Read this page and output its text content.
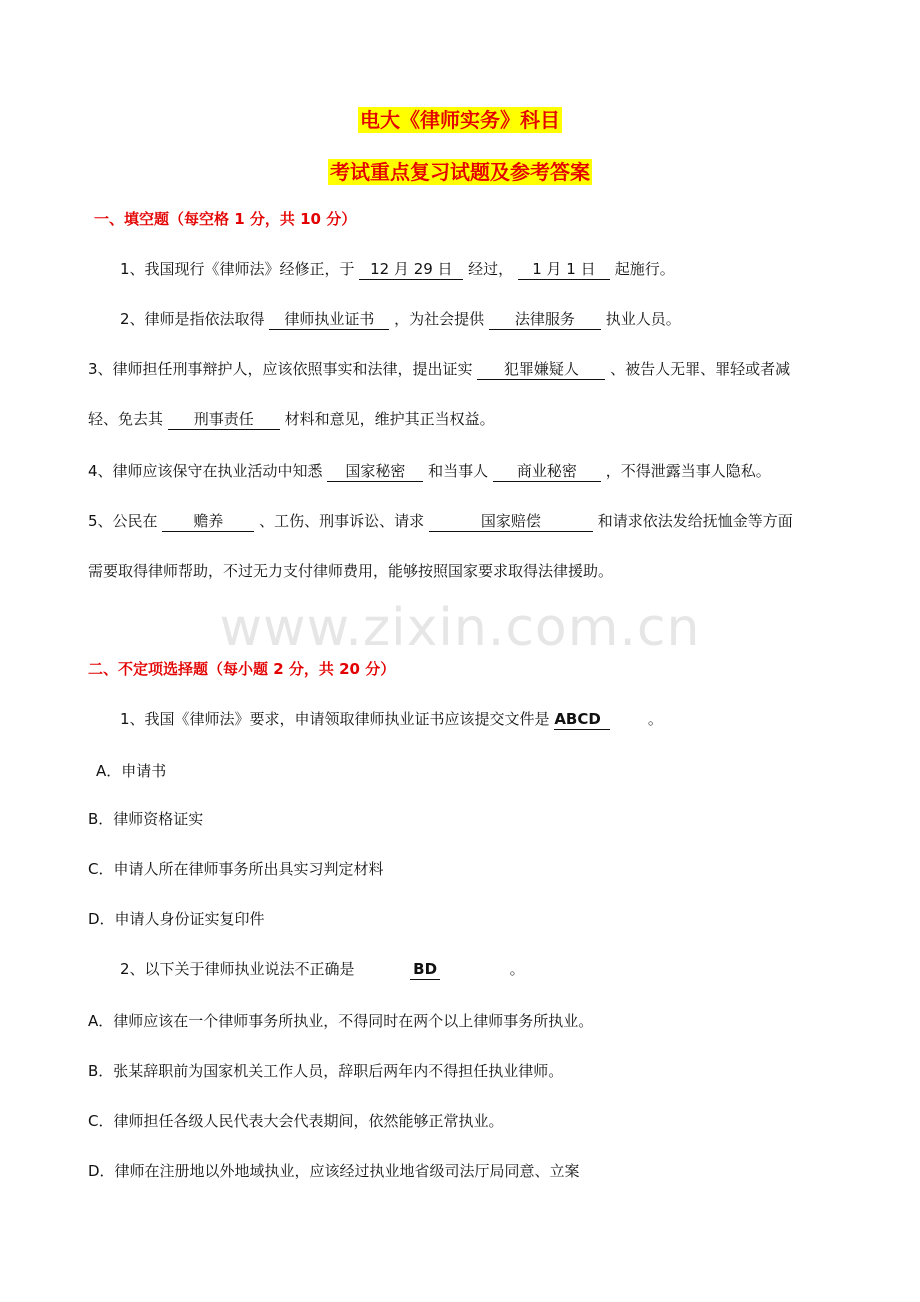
电大《律师实务》科目
考试重点复习试题及参考答案
一、填空题（每空格 1 分，共 10 分）
1、我国现行《律师法》经修正，于 12 月 29 日 经过， 1 月 1 日 起施行。
2、律师是指依法取得 律师执业证书 ，为社会提供 法律服务 执业人员。
3、律师担任刑事辩护人，应该依照事实和法律，提出证实 犯罪嫌疑人 、被告人无罪、罪轻或者减
轻、免去其 刑事责任 材料和意见，维护其正当权益。
4、律师应该保守在执业活动中知悉 国家秘密 和当事人 商业秘密 ，不得泄露当事人隐私。
5、公民在 赡养 、工伤、刑事诉讼、请求	国家赔偿	和请求依法发给抚恤金等方面
需要取得律师帮助，不过无力支付律师费用，能够按照国家要求取得法律援助。
www.zixin.com.cn
二、不定项选择题（每小题 2 分，共 20 分）
1、我国《律师法》要求，申请领取律师执业证书应该提交文件是 ABCD	。
A．申请书
B．律师资格证实
C．申请人所在律师事务所出具实习判定材料
D．申请人身份证实复印件
2、以下关于律师执业说法不正确是	BD	。
A．律师应该在一个律师事务所执业，不得同时在两个以上律师事务所执业。
B．张某辞职前为国家机关工作人员，辞职后两年内不得担任执业律师。
C．律师担任各级人民代表大会代表期间，依然能够正常执业。
D．律师在注册地以外地域执业，应该经过执业地省级司法厅局同意、立案
